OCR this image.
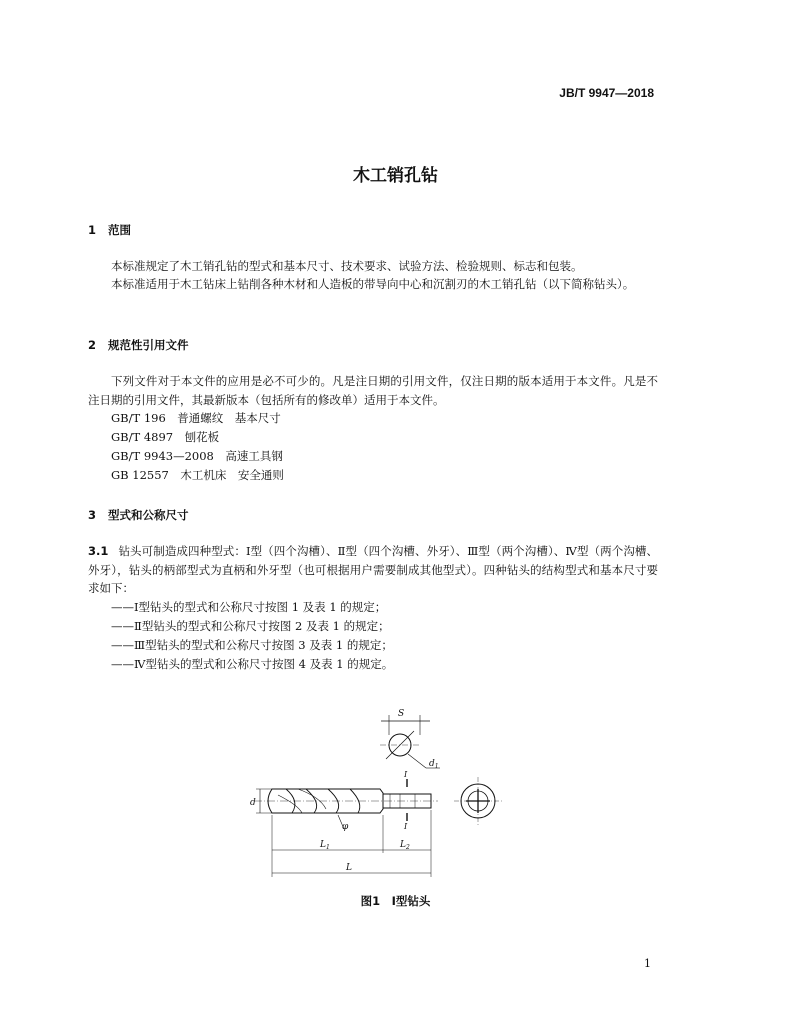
JB/T 9947—2018
木工销孔钻
1 范围

本标准规定了木工销孔钻的型式和基本尺寸、技术要求、试验方法、检验规则、标志和包装。

本标准适用于木工钻床上钻削各种木材和人造板的带导向中心和沉割刃的木工销孔钻（以下简称钻头）。

2 规范性引用文件

下列文件对于本文件的应用是必不可少的。凡是注日期的引用文件，仅注日期的版本适用于本文件。凡是不注日期的引用文件，其最新版本（包括所有的修改单）适用于本文件。

GB/T 196　普通螺纹　基本尺寸
GB/T 4897　刨花板
GB/T 9943—2008　高速工具钢
GB 12557　木工机床　安全通则
3 型式和公称尺寸

3.1 钻头可制造成四种型式：Ⅰ型（四个沟槽）、Ⅱ型（四个沟槽、外牙）、Ⅲ型（两个沟槽）、Ⅳ型（两个沟槽、外牙），钻头的柄部型式为直柄和外牙型（也可根据用户需要制成其他型式）。四种钻头的结构型式和基本尺寸要求如下：

——Ⅰ型钻头的型式和公称尺寸按图 1 及表 1 的规定；
——Ⅱ型钻头的型式和公称尺寸按图 2 及表 1 的规定；
——Ⅲ型钻头的型式和公称尺寸按图 3 及表 1 的规定；
——Ⅳ型钻头的型式和公称尺寸按图 4 及表 1 的规定。
S
$d_1$
d
φ
I
I
$L_1$	$L_2$
L
图1　Ⅰ型钻头
1
